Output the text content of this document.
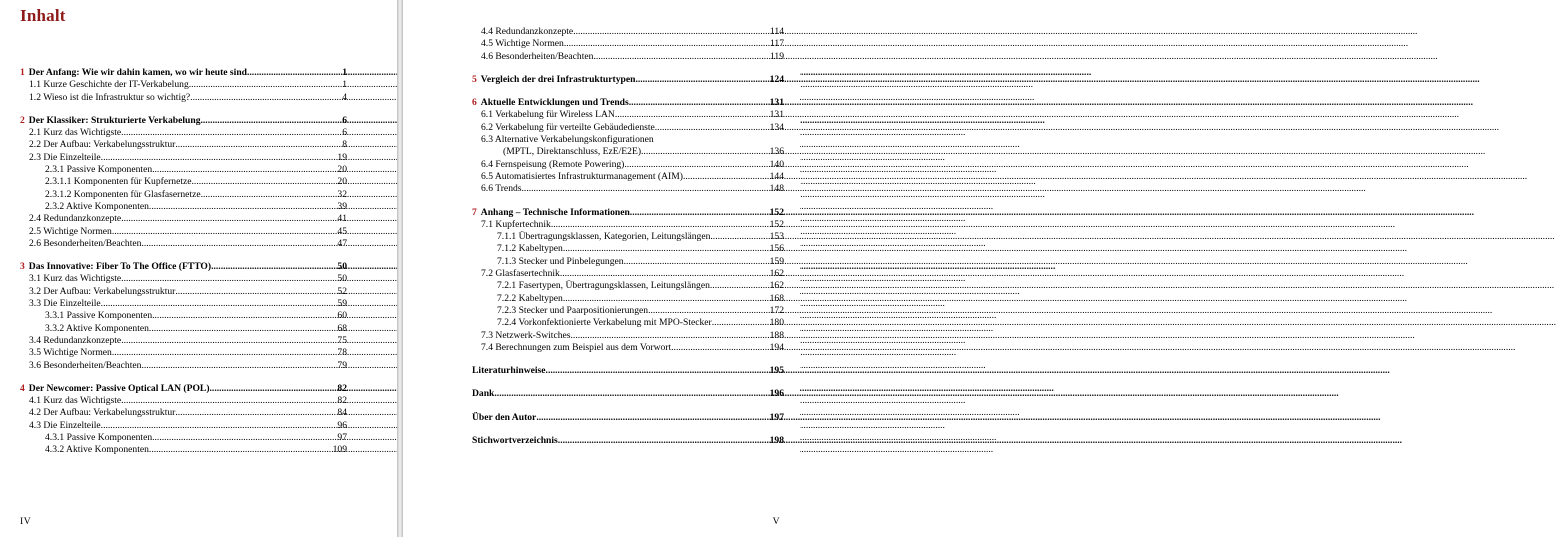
Inhalt
1 Der Anfang: Wie wir dahin kamen, wo wir heute sind .....	1
1.1 Kurze Geschichte der IT-Verkabelung .....	1
1.2 Wieso ist die Infrastruktur so wichtig? .....	4
2 Der Klassiker: Strukturierte Verkabelung .....	6
2.1 Kurz das Wichtigste .....	6
2.2 Der Aufbau: Verkabelungsstruktur .....	8
2.3 Die Einzelteile .....	19
2.3.1 Passive Komponenten .....	20
2.3.1.1 Komponenten für Kupfernetze .....	20
2.3.1.2 Komponenten für Glasfasernetze .....	32
2.3.2 Aktive Komponenten .....	39
2.4 Redundanzkonzepte .....	41
2.5 Wichtige Normen .....	45
2.6 Besonderheiten/Beachten .....	47
3 Das Innovative: Fiber To The Office (FTTO) .....	50
3.1 Kurz das Wichtigste .....	50
3.2 Der Aufbau: Verkabelungsstruktur .....	52
3.3 Die Einzelteile .....	59
3.3.1 Passive Komponenten .....	60
3.3.2 Aktive Komponenten .....	68
3.4 Redundanzkonzepte .....	75
3.5 Wichtige Normen .....	78
3.6 Besonderheiten/Beachten .....	79
4 Der Newcomer: Passive Optical LAN (POL) .....	82
4.1 Kurz das Wichtigste .....	82
4.2 Der Aufbau: Verkabelungsstruktur .....	84
4.3 Die Einzelteile .....	96
4.3.1 Passive Komponenten .....	97
4.3.2 Aktive Komponenten .....	109
IV
4.4 Redundanzkonzepte .....	114
4.5 Wichtige Normen .....	117
4.6 Besonderheiten/Beachten .....	119
5 Vergleich der drei Infrastrukturtypen .....	124
6 Aktuelle Entwicklungen und Trends .....	131
6.1 Verkabelung für Wireless LAN .....	131
6.2 Verkabelung für verteilte Gebäudedienste .....	134
6.3 Alternative Verkabelungskonfigurationen
(MPTL, Direktanschluss, EzE/E2E) .....	136
6.4 Fernspeisung (Remote Powering) .....	140
6.5 Automatisiertes Infrastrukturmanagement (AIM) .....	144
6.6 Trends .....	148
7 Anhang – Technische Informationen .....	152
7.1 Kupfertechnik .....	152
7.1.1 Übertragungsklassen, Kategorien, Leitungslängen .....	153
7.1.2 Kabeltypen .....	156
7.1.3 Stecker und Pinbelegungen .....	159
7.2 Glasfasertechnik .....	162
7.2.1 Fasertypen, Übertragungsklassen, Leitungslängen .....	162
7.2.2 Kabeltypen .....	168
7.2.3 Stecker und Paarpositionierungen .....	172
7.2.4 Vorkonfektionierte Verkabelung mit MPO-Stecker .....	180
7.3 Netzwerk-Switches .....	188
7.4 Berechnungen zum Beispiel aus dem Vorwort .....	194
Literaturhinweise .....	195
Dank .....	196
Über den Autor .....	197
Stichwortverzeichnis .....	198
V
